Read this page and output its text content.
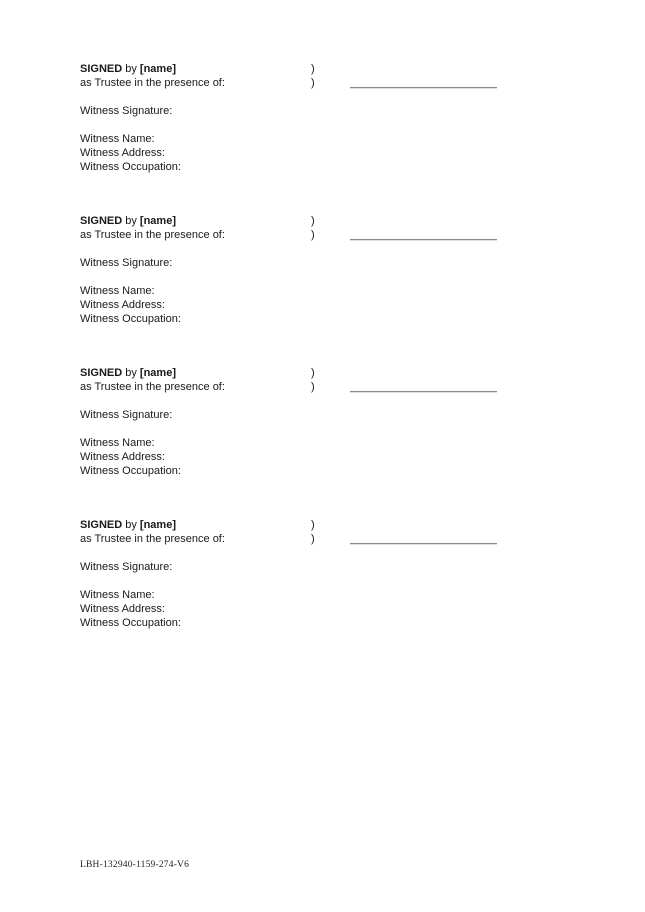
SIGNED by [name]	)
as Trustee in the presence of:	)	________________________
Witness Signature:
Witness Name:
Witness Address:
Witness Occupation:
SIGNED by [name]	)
as Trustee in the presence of:	)	________________________
Witness Signature:
Witness Name:
Witness Address:
Witness Occupation:
SIGNED by [name]	)
as Trustee in the presence of:	)	________________________
Witness Signature:
Witness Name:
Witness Address:
Witness Occupation:
SIGNED by [name]	)
as Trustee in the presence of:	)	________________________
Witness Signature:
Witness Name:
Witness Address:
Witness Occupation:
LBH-132940-1159-274-V6
